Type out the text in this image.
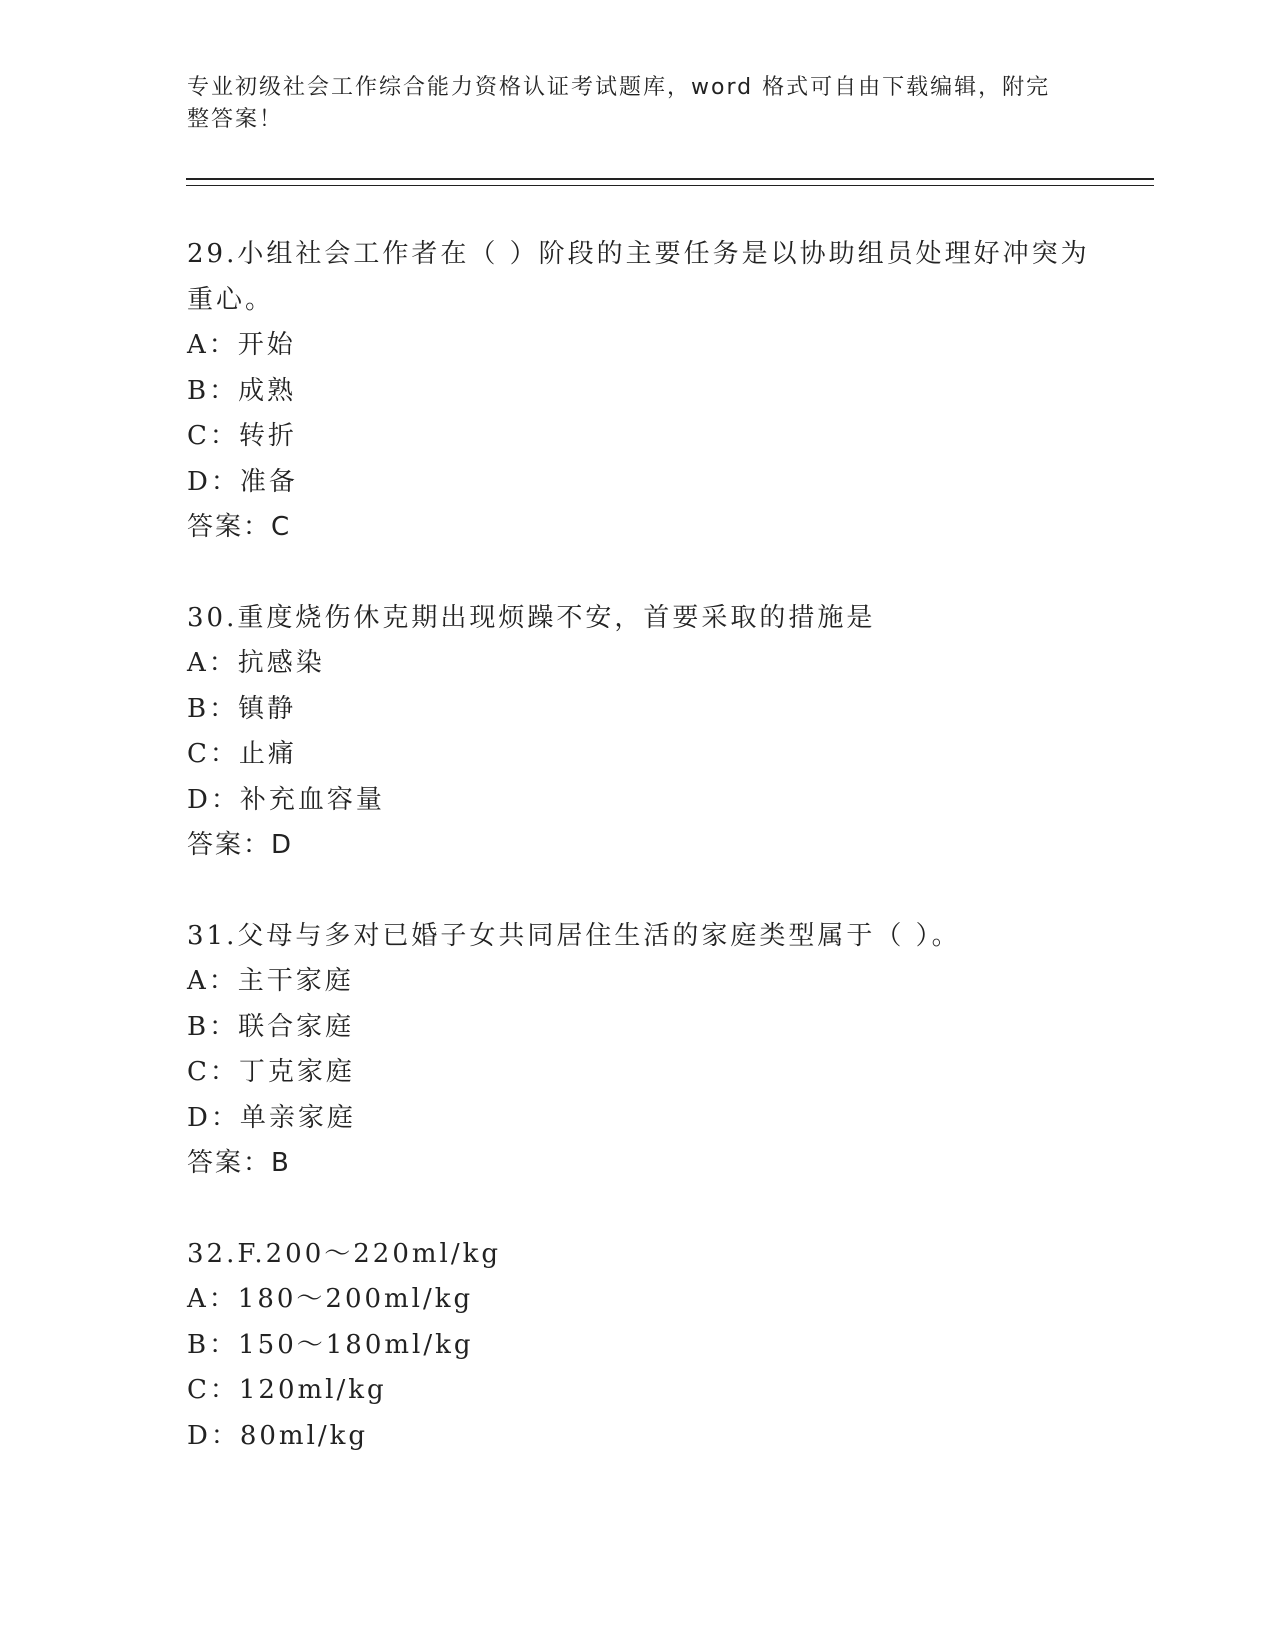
专业初级社会工作综合能力资格认证考试题库，word 格式可自由下载编辑，附完整答案！

29.小组社会工作者在（ ）阶段的主要任务是以协助组员处理好冲突为重心。

A：开始

B：成熟

C：转折

D：准备

答案：C

30.重度烧伤休克期出现烦躁不安，首要采取的措施是

A：抗感染

B：镇静

C：止痛

D：补充血容量

答案：D

31.父母与多对已婚子女共同居住生活的家庭类型属于（ ）。

A：主干家庭

B：联合家庭

C：丁克家庭

D：单亲家庭

答案：B

32.F.200～220ml/kg

A：180～200ml/kg

B：150～180ml/kg

C：120ml/kg

D：80ml/kg
